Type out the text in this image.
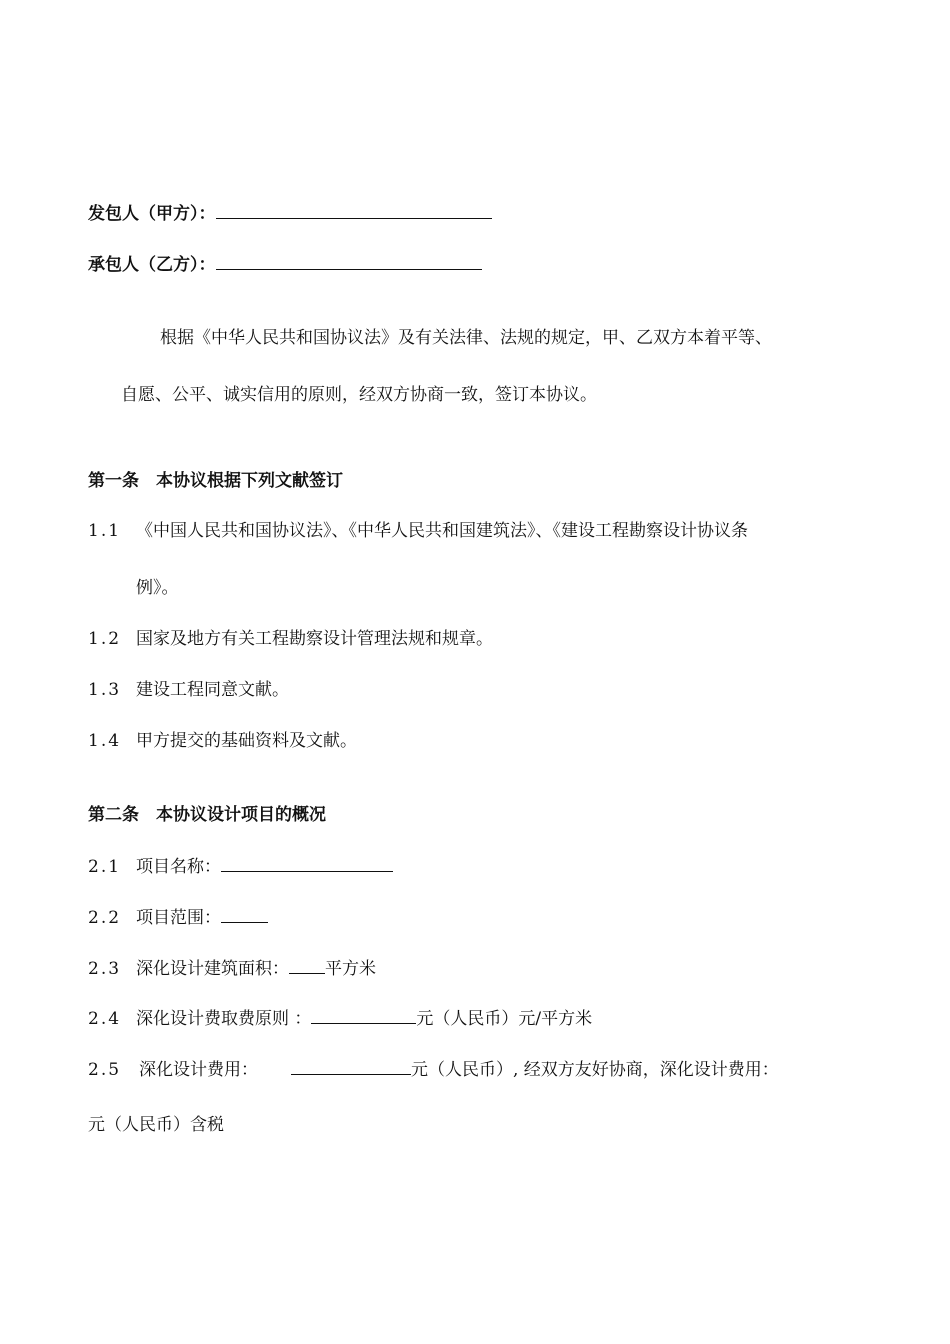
发包人（甲方）：
承包人（乙方）：
根据《中华人民共和国协议法》及有关法律、法规的规定，甲、乙双方本着平等、
自愿、公平、诚实信用的原则，经双方协商一致，签订本协议。
第一条　本协议根据下列文献签订
1.1 《中国人民共和国协议法》、《中华人民共和国建筑法》、《建设工程勘察设计协议条
例》。
1.2 国家及地方有关工程勘察设计管理法规和规章。
1.3 建设工程同意文献。
1.4 甲方提交的基础资料及文献。
第二条　本协议设计项目的概况
2.1 项目名称：
2.2 项目范围：
2.3 深化设计建筑面积： 平方米
2.4 深化设计费取费原则 ：	元（人民币）元/平方米
2.5 深化设计费用：	元（人民币）, 经双方友好协商，深化设计费用：
元（人民币）含税
